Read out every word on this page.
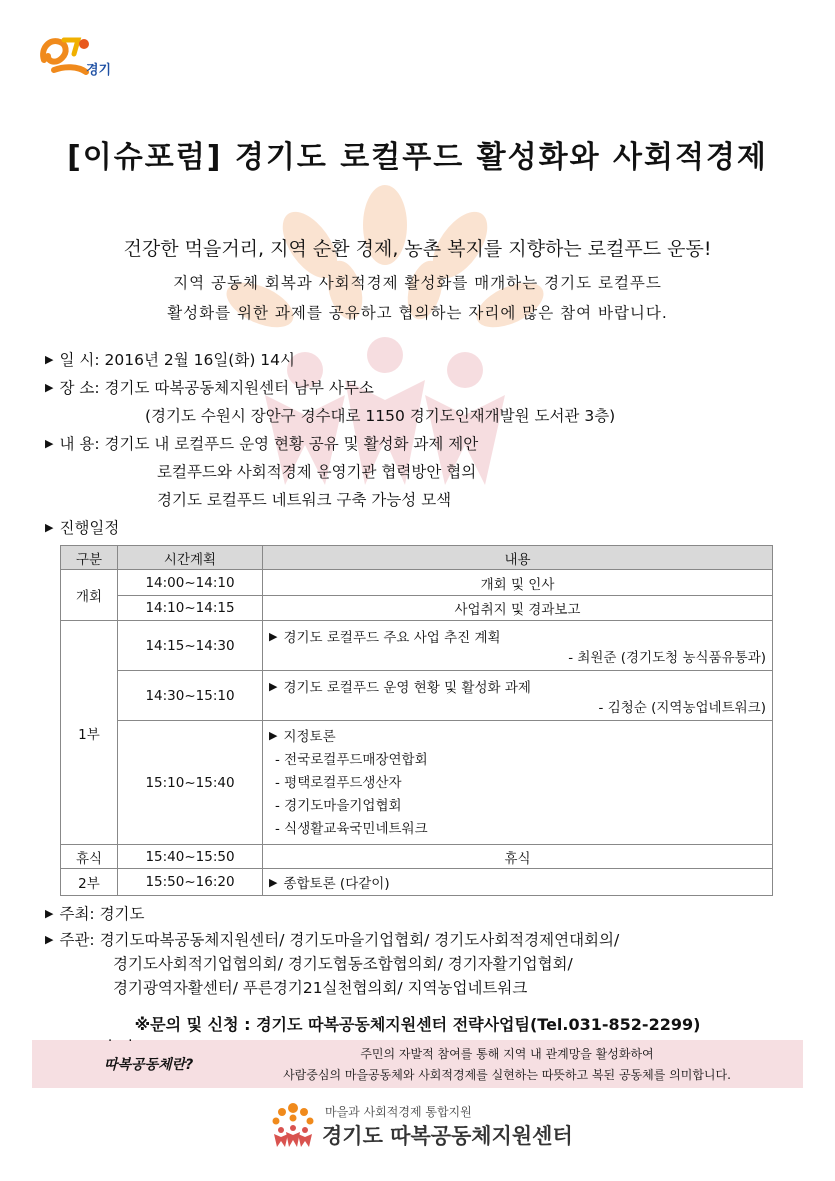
경기
[이슈포럼] 경기도 로컬푸드 활성화와 사회적경제
건강한 먹을거리, 지역 순환 경제, 농촌 복지를 지향하는 로컬푸드 운동!
지역 공동체 회복과 사회적경제 활성화를 매개하는 경기도 로컬푸드
활성화를 위한 과제를 공유하고 협의하는 자리에 많은 참여 바랍니다.
▶ 일 시: 2016년 2월 16일(화) 14시
▶ 장 소: 경기도 따복공동체지원센터 남부 사무소
(경기도 수원시 장안구 경수대로 1150 경기도인재개발원 도서관 3층)
▶ 내 용: 경기도 내 로컬푸드 운영 현황 공유 및 활성화 과제 제안
로컬푸드와 사회적경제 운영기관 협력방안 협의
경기도 로컬푸드 네트워크 구축 가능성 모색
▶ 진행일정
구분	시간계획	내용
개회	14:00~14:10	개회 및 인사
	14:10~14:15	사업취지 및 경과보고
1부	14:15~14:30	▶ 경기도 로컬푸드 주요 사업 추진 계획
- 최원준 (경기도청 농식품유통과)

	14:30~15:10	▶ 경기도 로컬푸드 운영 현황 및 활성화 과제
- 김청순 (지역농업네트워크)

	15:10~15:40	▶ 지정토론
- 전국로컬푸드매장연합회
- 평택로컬푸드생산자
- 경기도마을기업협회
- 식생활교육국민네트워크

휴식	15:40~15:50	휴식
2부	15:50~16:20	▶ 종합토론 (다같이)
▶ 주최: 경기도
▶ 주관: 경기도따복공동체지원센터/ 경기도마을기업협회/ 경기도사회적경제연대회의/
경기도사회적기업협의회/ 경기도협동조합협의회/ 경기자활기업협회/
경기광역자활센터/ 푸른경기21실천협의회/ 지역농업네트워크
※문의 및 신청 : 경기도 따복공동체지원센터 전략사업팀(Tel.031-852-2299)
· ·
따복공동체란?
주민의 자발적 참여를 통해 지역 내 관계망을 활성화하여
사람중심의 마을공동체와 사회적경제를 실현하는 따뜻하고 복된 공동체를 의미합니다.
마을과 사회적경제 통합지원
경기도 따복공동체지원센터
